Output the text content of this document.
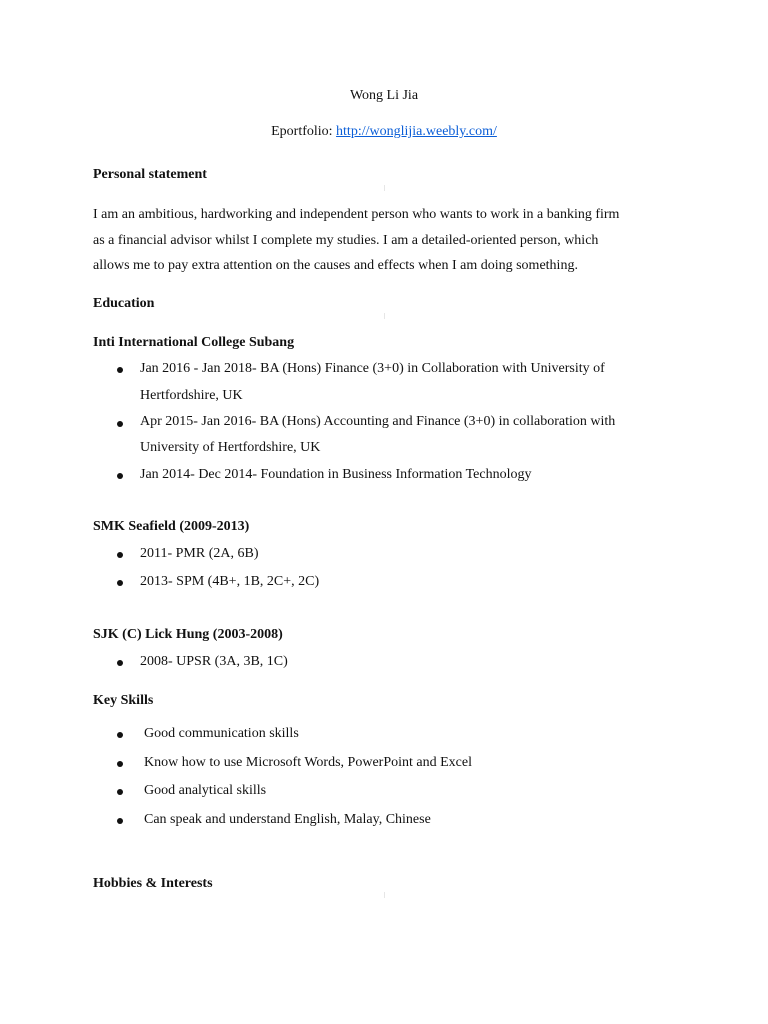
Wong Li Jia
Eportfolio: http://wonglijia.weebly.com/
Personal statement
I am an ambitious, hardworking and independent person who wants to work in a banking firm
as a financial advisor whilst I complete my studies. I am a detailed-oriented person, which
allows me to pay extra attention on the causes and effects when I am doing something.
Education
Inti International College Subang
Jan 2016 - Jan 2018- BA (Hons) Finance (3+0) in Collaboration with University of
Hertfordshire, UK
Apr 2015- Jan 2016- BA (Hons) Accounting and Finance (3+0) in collaboration with
University of Hertfordshire, UK
Jan 2014- Dec 2014- Foundation in Business Information Technology
SMK Seafield (2009-2013)
2011- PMR (2A, 6B)
2013- SPM (4B+, 1B, 2C+, 2C)
SJK (C) Lick Hung (2003-2008)
2008- UPSR (3A, 3B, 1C)
Key Skills
Good communication skills
Know how to use Microsoft Words, PowerPoint and Excel
Good analytical skills
Can speak and understand English, Malay, Chinese
Hobbies & Interests
